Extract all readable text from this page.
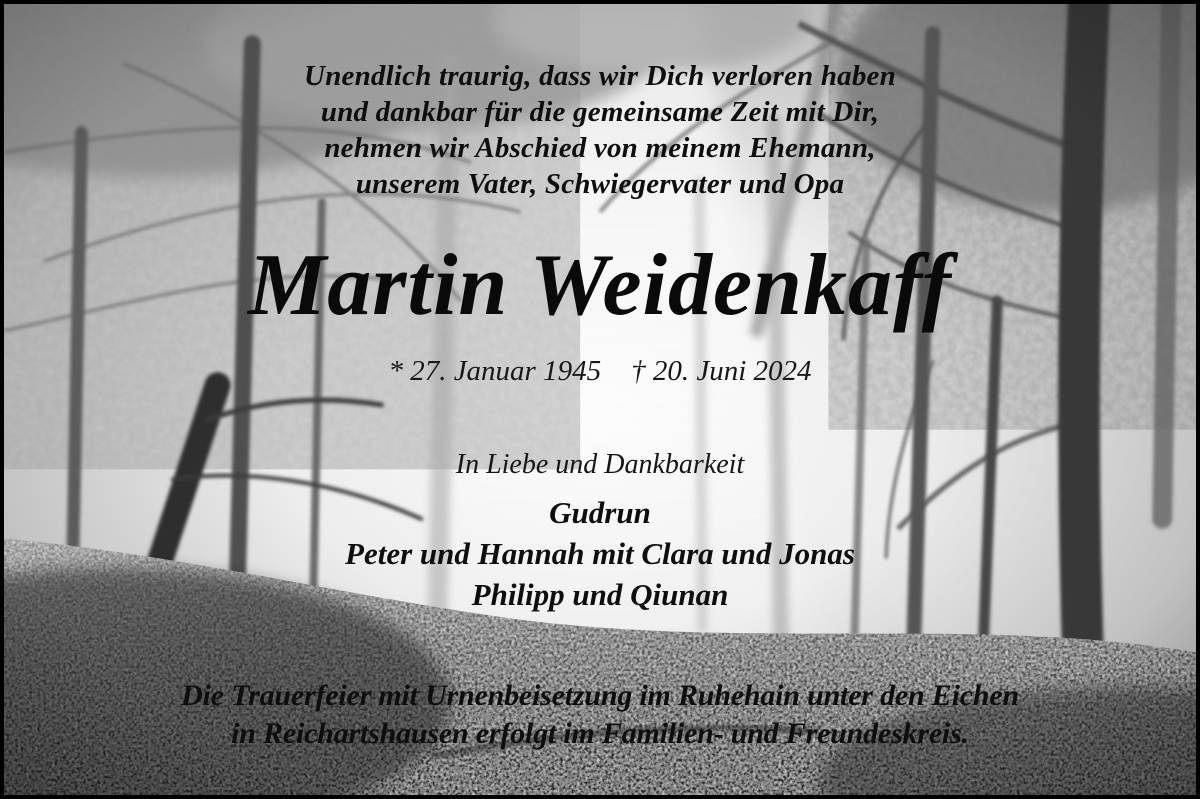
Unendlich traurig, dass wir Dich verloren haben
und dankbar für die gemeinsame Zeit mit Dir,
nehmen wir Abschied von meinem Ehemann,
unserem Vater, Schwiegervater und Opa
Martin Weidenkaff
* 27. Januar 1945 † 20. Juni 2024
In Liebe und Dankbarkeit
Gudrun
Peter und Hannah mit Clara und Jonas
Philipp und Qiunan
Die Trauerfeier mit Urnenbeisetzung im Ruhehain unter den Eichen
in Reichartshausen erfolgt im Familien- und Freundeskreis.
